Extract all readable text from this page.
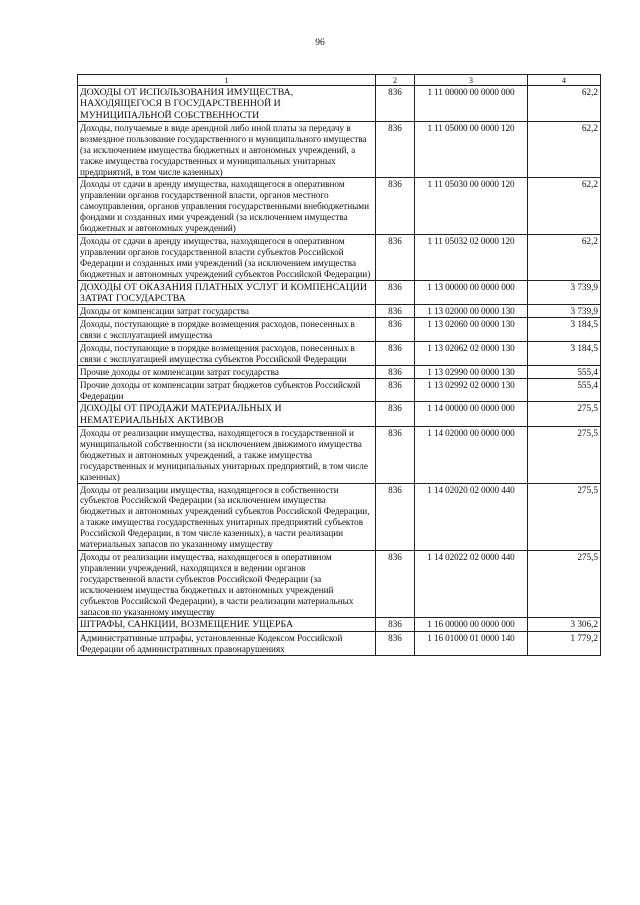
96
1	2	3	4
ДОХОДЫ ОТ ИСПОЛЬЗОВАНИЯ ИМУЩЕСТВА, НАХОДЯЩЕГОСЯ В ГОСУДАРСТВЕННОЙ И МУНИЦИПАЛЬНОЙ СОБСТВЕННОСТИ	836	1 11 00000 00 0000 000	62,2
Доходы, получаемые в виде арендной либо иной платы за передачу в возмездное пользование государственного и муниципального имущества (за исключением имущества бюджетных и автономных учреждений, а также имущества государственных и муниципальных унитарных предприятий, в том числе казенных)	836	1 11 05000 00 0000 120	62,2
Доходы от сдачи в аренду имущества, находящегося в оперативном управлении органов государственной власти, органов местного самоуправления, органов управления государственными внебюджетными фондами и созданных ими учреждений (за исключением имущества бюджетных и автономных учреждений)	836	1 11 05030 00 0000 120	62,2
Доходы от сдачи в аренду имущества, находящегося в оперативном управлении органов государственной власти субъектов Российской Федерации и созданных ими учреждений (за исключением имущества бюджетных и автономных учреждений субъектов Российской Федерации)	836	1 11 05032 02 0000 120	62,2
ДОХОДЫ ОТ ОКАЗАНИЯ ПЛАТНЫХ УСЛУГ И КОМПЕНСАЦИИ ЗАТРАТ ГОСУДАРСТВА	836	1 13 00000 00 0000 000	3 739,9
Доходы от компенсации затрат государства	836	1 13 02000 00 0000 130	3 739,9
Доходы, поступающие в порядке возмещения расходов, понесенных в связи с эксплуатацией имущества	836	1 13 02060 00 0000 130	3 184,5
Доходы, поступающие в порядке возмещения расходов, понесенных в связи с эксплуатацией имущества субъектов Российской Федерации	836	1 13 02062 02 0000 130	3 184,5
Прочие доходы от компенсации затрат государства	836	1 13 02990 00 0000 130	555,4
Прочие доходы от компенсации затрат бюджетов субъектов Российской Федерации	836	1 13 02992 02 0000 130	555,4
ДОХОДЫ ОТ ПРОДАЖИ МАТЕРИАЛЬНЫХ И НЕМАТЕРИАЛЬНЫХ АКТИВОВ	836	1 14 00000 00 0000 000	275,5
Доходы от реализации имущества, находящегося в государственной и муниципальной собственности (за исключением движимого имущества бюджетных и автономных учреждений, а также имущества государственных и муниципальных унитарных предприятий, в том числе казенных)	836	1 14 02000 00 0000 000	275,5
Доходы от реализации имущества, находящегося в собственности субъектов Российской Федерации (за исключением имущества бюджетных и автономных учреждений субъектов Российской Федерации, а также имущества государственных унитарных предприятий субъектов Российской Федерации, в том числе казенных), в части реализации материальных запасов по указанному имуществу	836	1 14 02020 02 0000 440	275,5
Доходы от реализации имущества, находящегося в оперативном управлении учреждений, находящихся в ведении органов государственной власти субъектов Российской Федерации (за исключением имущества бюджетных и автономных учреждений субъектов Российской Федерации), в части реализации материальных запасов по указанному имуществу	836	1 14 02022 02 0000 440	275,5
ШТРАФЫ, САНКЦИИ, ВОЗМЕЩЕНИЕ УЩЕРБА	836	1 16 00000 00 0000 000	3 306,2
Административные штрафы, установленные Кодексом Российской Федерации об административных правонарушениях	836	1 16 01000 01 0000 140	1 779,2
